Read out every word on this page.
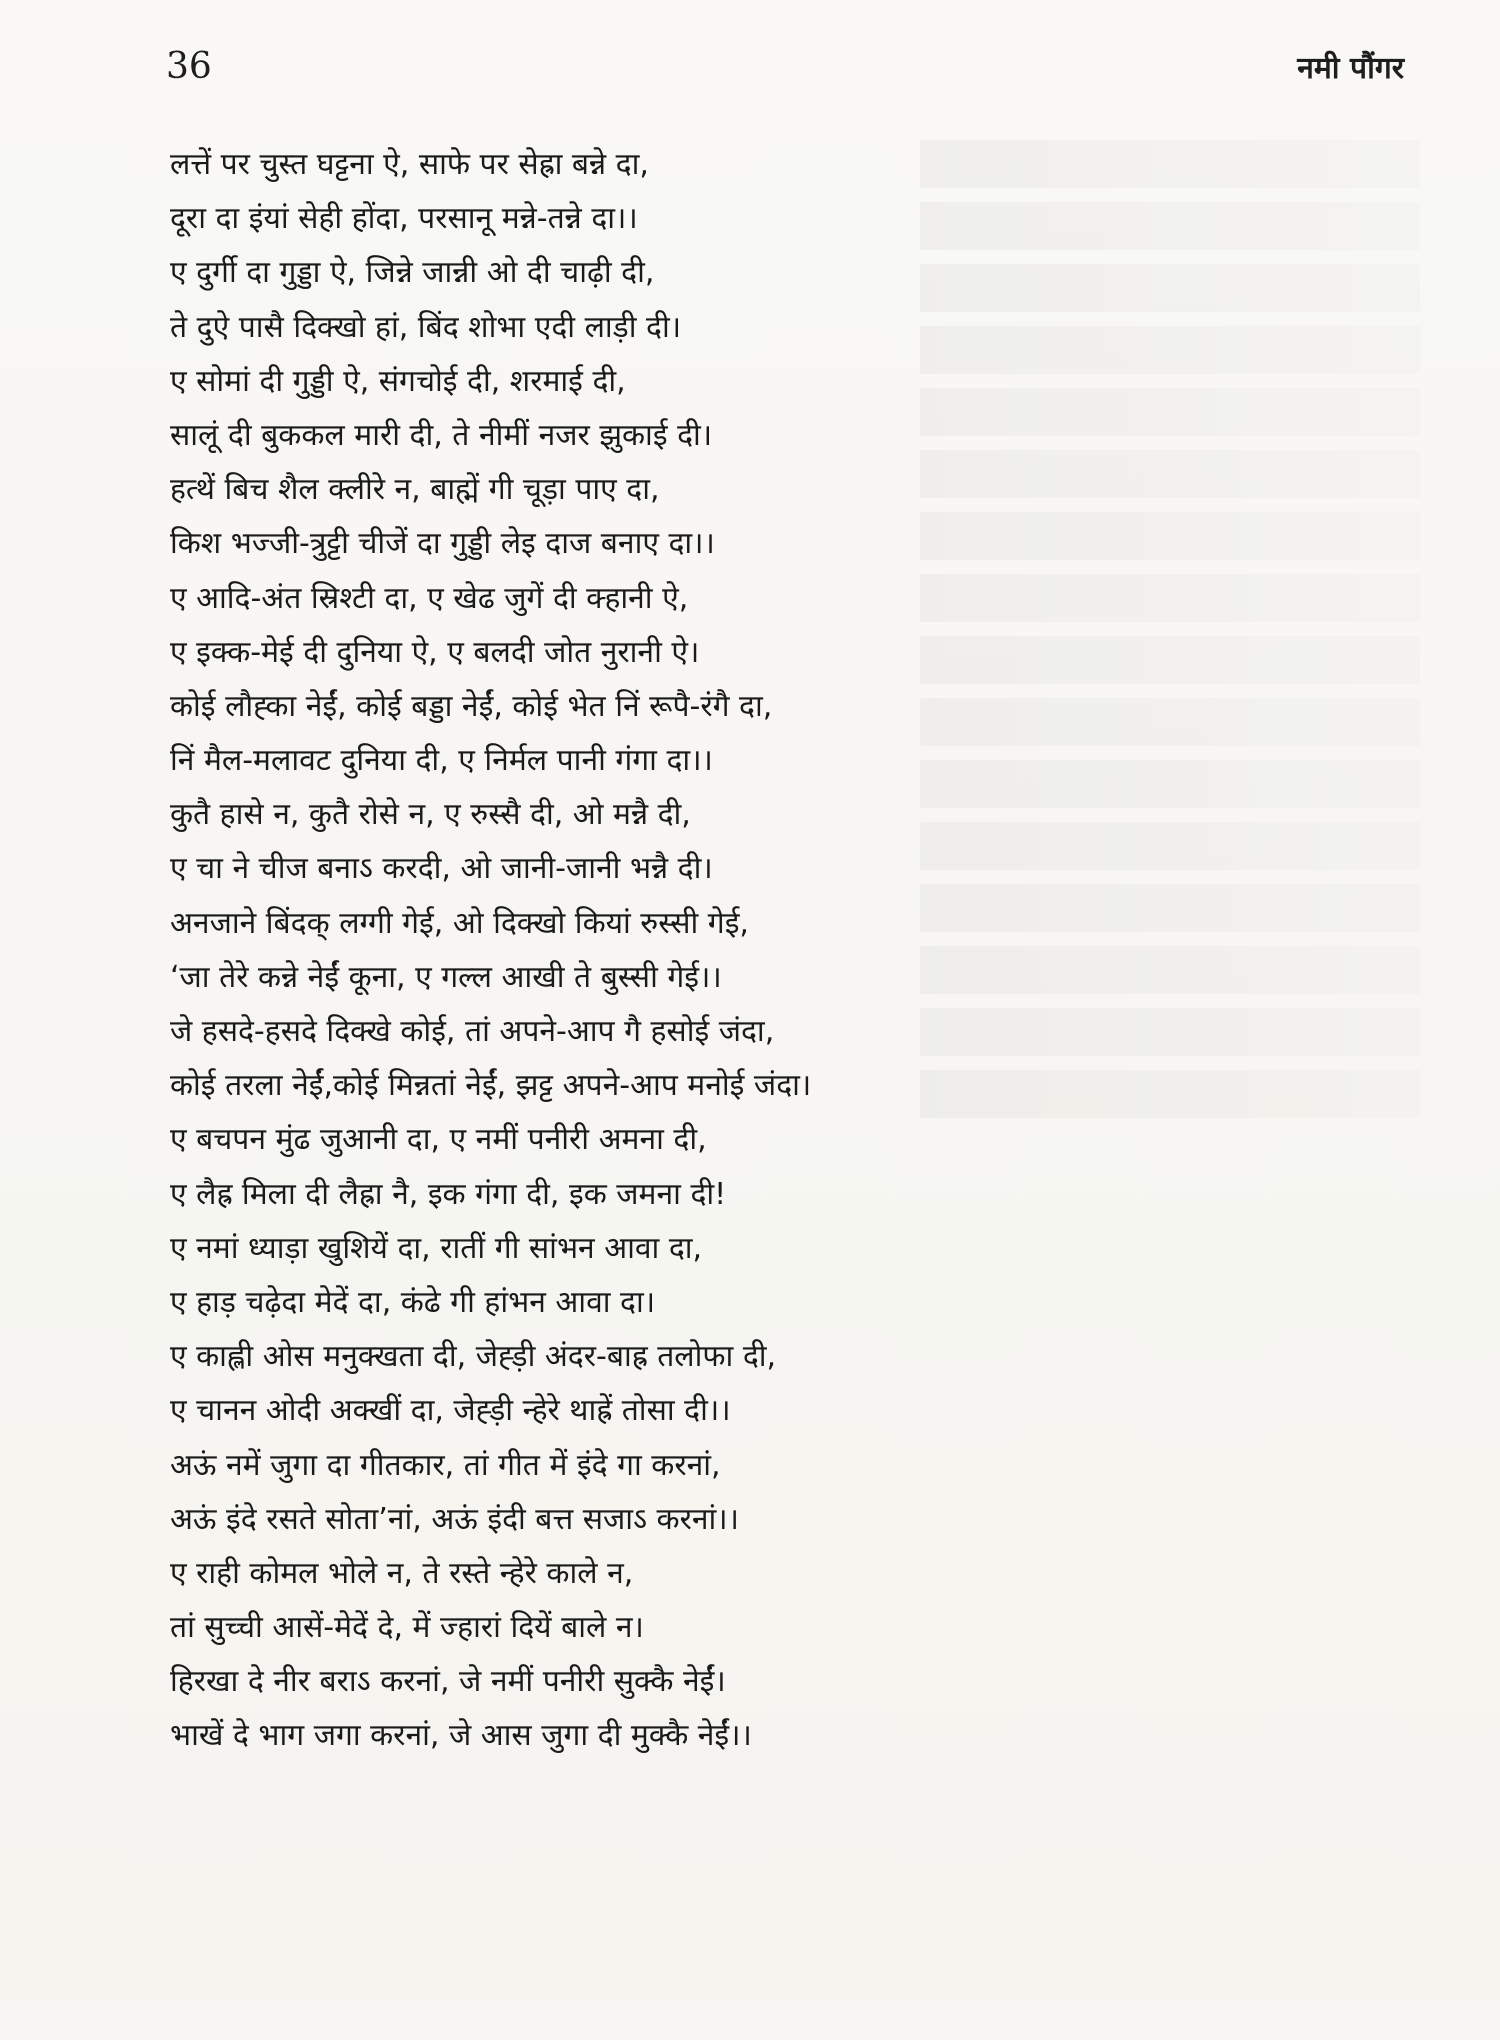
36	नमी पौंगर
लत्तें पर चुस्त घट्टना ऐ, साफे पर सेह्रा बन्ने दा,
दूरा दा इंयां सेही होंदा, परसानू मन्ने-तन्ने दा।।
ए दुर्गी दा गुड्डा ऐ, जिन्ने जान्नी ओ दी चाढ़ी दी,
ते दुऐ पासै दिक्खो हां, बिंद शोभा एदी लाड़ी दी।
ए सोमां दी गुड्डी ऐ, संगचोई दी, शरमाई दी,
सालूं दी बुककल मारी दी, ते नीमीं नजर झुकाई दी।
हत्थें बिच शैल क्लीरे न, बाह्में गी चूड़ा पाए दा,
किश भज्जी-त्रुट्टी चीजें दा गुड्डी लेइ दाज बनाए दा।।
ए आदि-अंत स्रिश्टी दा, ए खेढ जुगें दी क्हानी ऐ,
ए इक्क-मेई दी दुनिया ऐ, ए बलदी जोत नुरानी ऐ।
कोई लौह्का नेईं, कोई बड्डा नेईं, कोई भेत निं रूपै-रंगै दा,
निं मैल-मलावट दुनिया दी, ए निर्मल पानी गंगा दा।।
कुतै हासे न, कुतै रोसे न, ए रुस्सै दी, ओ मन्नै दी,
ए चा ने चीज बनाऽ करदी, ओ जानी-जानी भन्नै दी।
अनजाने बिंदक् लग्गी गेई, ओ दिक्खो कियां रुस्सी गेई,
‘जा तेरे कन्ने नेईं कूना, ए गल्ल आखी ते बुस्सी गेई।।
जे हसदे-हसदे दिक्खे कोई, तां अपने-आप गै हसोई जंदा,
कोई तरला नेईं,कोई मिन्नतां नेईं, झट्ट अपने-आप मनोई जंदा।
ए बचपन मुंढ जुआनी दा, ए नमीं पनीरी अमना दी,
ए लैह्र मिला दी लैह्रा नै, इक गंगा दी, इक जमना दी!
ए नमां ध्याड़ा खुशियें दा, रातीं गी सांभन आवा दा,
ए हाड़ चढ़ेदा मेदें दा, कंढे गी हांभन आवा दा।
ए काह्ली ओस मनुक्खता दी, जेह्ड़ी अंदर-बाह्र तलोफा दी,
ए चानन ओदी अक्खीं दा, जेह्ड़ी न्हेरे थाह्रें तोसा दी।।
अऊं नमें जुगा दा गीतकार, तां गीत में इंदे गा करनां,
अऊं इंदे रसते सोता’नां, अऊं इंदी बत्त सजाऽ करनां।।
ए राही कोमल भोले न, ते रस्ते न्हेरे काले न,
तां सुच्ची आसें-मेदें दे, में ज्हारां दियें बाले न।
हिरखा दे नीर बराऽ करनां, जे नमीं पनीरी सुक्कै नेईं।
भाखें दे भाग जगा करनां, जे आस जुगा दी मुक्कै नेईं।।
